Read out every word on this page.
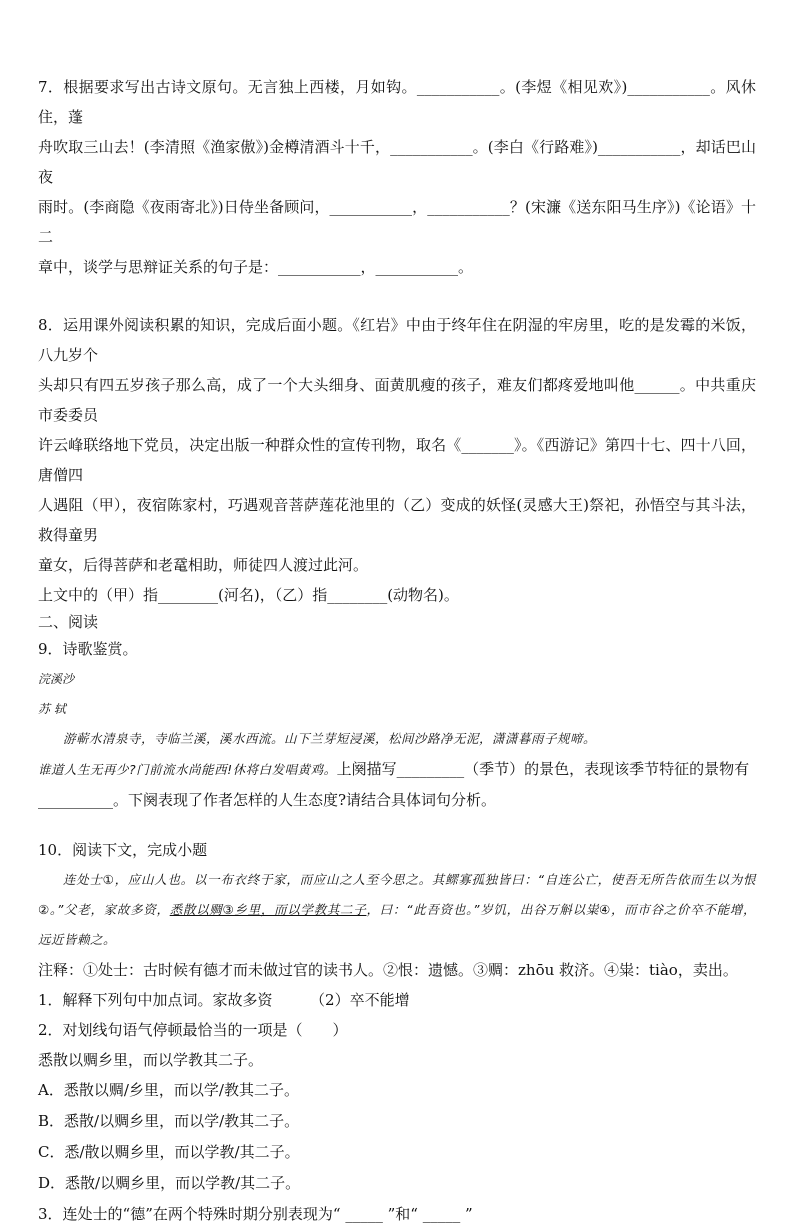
7．根据要求写出古诗文原句。无言独上西楼，月如钩。___________。(李煜《相见欢》)___________。风休住，蓬

舟吹取三山去！(李清照《渔家傲》)金樽清酒斗十千，___________。(李白《行路难》)___________，却话巴山夜

雨时。(李商隐《夜雨寄北》)日侍坐备顾问，___________，___________？(宋濂《送东阳马生序》)《论语》十二

章中，谈学与思辩证关系的句子是：___________，___________。

8．运用课外阅读积累的知识，完成后面小题。《红岩》中由于终年住在阴湿的牢房里，吃的是发霉的米饭，八九岁个

头却只有四五岁孩子那么高，成了一个大头细身、面黄肌瘦的孩子，难友们都疼爱地叫他______。中共重庆市委委员

许云峰联络地下党员，决定出版一种群众性的宣传刊物，取名《_______》。《西游记》第四十七、四十八回，唐僧四

人遇阻（甲），夜宿陈家村，巧遇观音菩萨莲花池里的（乙）变成的妖怪(灵感大王)祭祀，孙悟空与其斗法，救得童男

童女，后得菩萨和老鼋相助，师徒四人渡过此河。

上文中的（甲）指________(河名)，（乙）指________(动物名)。

二、阅读

9．诗歌鉴赏。

浣溪沙

苏 轼

游蕲水清泉寺，寺临兰溪，溪水西流。山下兰芽短浸溪，松间沙路净无泥，潇潇暮雨子规啼。

谁道人生无再少?门前流水尚能西!休将白发唱黄鸡。上阕描写_________（季节）的景色，表现该季节特征的景物有

__________。下阕表现了作者怎样的人生态度?请结合具体词句分析。

10．阅读下文，完成小题

连处士①，应山人也。以一布衣终于家，而应山之人至今思之。其鳏寡孤独皆曰：“自连公亡，使吾无所告依而生以为恨②。”父老，家故多资，悉散以赒③乡里，而以学教其二子，曰：“此吾资也。”岁饥，出谷万斛以粜④，而市谷之价卒不能增，远近皆赖之。

注释：①处士：古时候有德才而未做过官的读书人。②恨：遗憾。③赒：zhōu 救济。④粜：tiào，卖出。

1．解释下列句中加点词。家故多资　　　（2）卒不能增

2．对划线句语气停顿最恰当的一项是（　　）

悉散以赒乡里，而以学教其二子。

A．悉散以赒/乡里，而以学/教其二子。

B．悉散/以赒乡里，而以学/教其二子。

C．悉/散以赒乡里，而以学教/其二子。

D．悉散/以赒乡里，而以学教/其二子。

3．连处士的“德”在两个特殊时期分别表现为“ _____ ”和“ _____ ”
